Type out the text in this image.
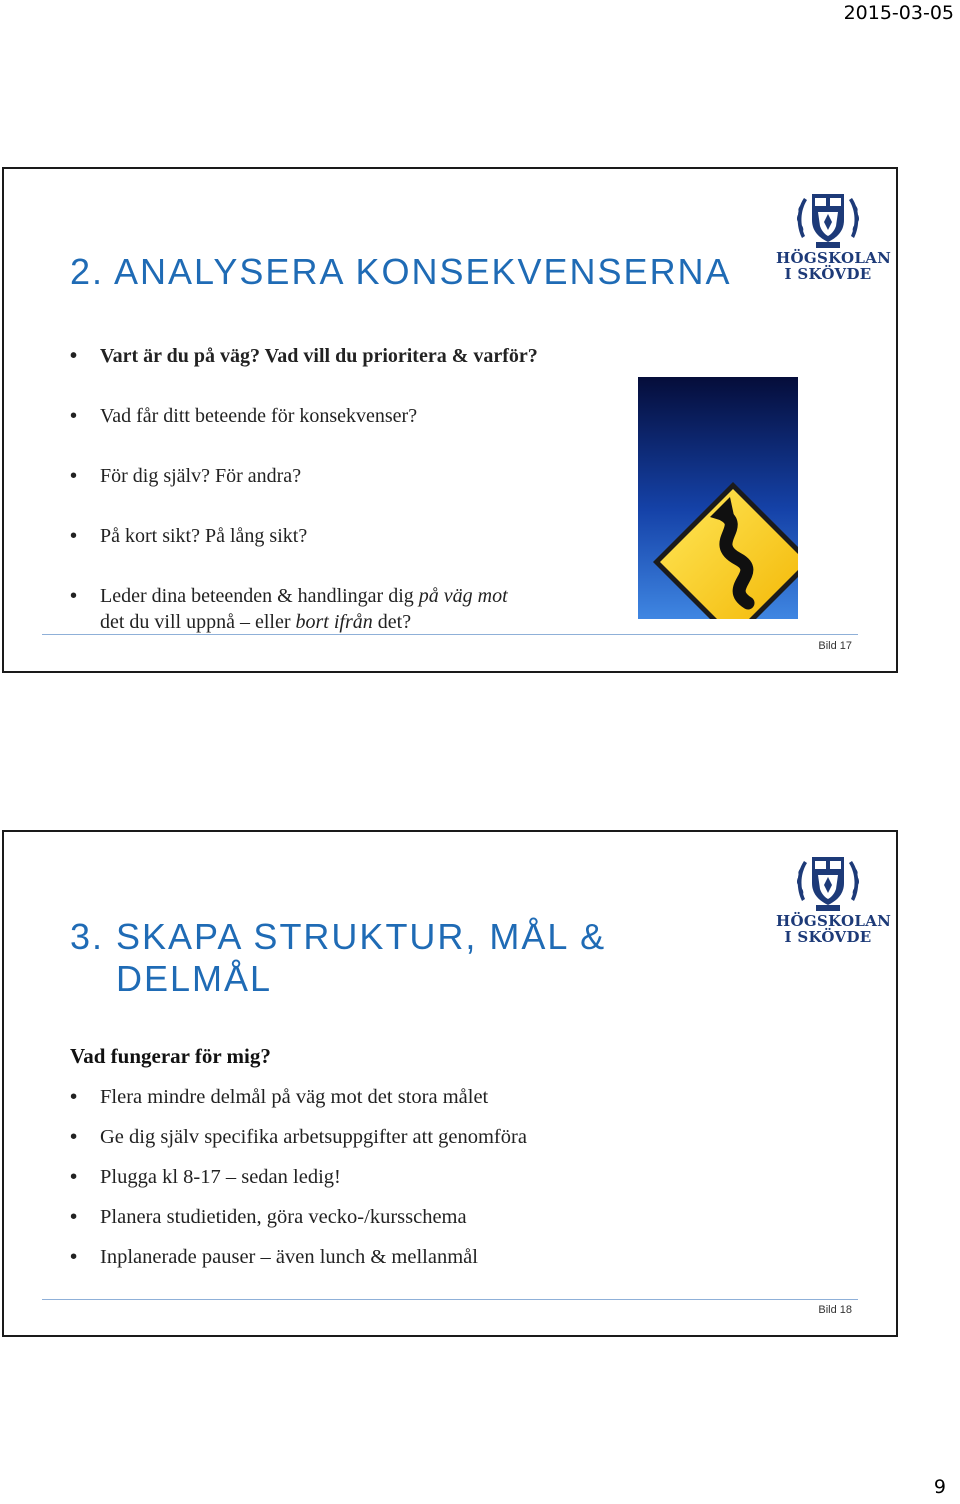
2015-03-05
HÖGSKOLAN
I SKÖVDE
2. ANALYSERA KONSEKVENSERNA
• Vart är du på väg? Vad vill du prioritera & varför?
• Vad får ditt beteende för konsekvenser?
• För dig själv? För andra?
• På kort sikt? På lång sikt?
• Leder dina beteenden & handlingar dig på väg mot
det du vill uppnå – eller bort ifrån det?
Bild 17
HÖGSKOLAN
I SKÖVDE
3. SKAPA STRUKTUR, MÅL &
DELMÅL
Vad fungerar för mig?
• Flera mindre delmål på väg mot det stora målet
• Ge dig själv specifika arbetsuppgifter att genomföra
• Plugga kl 8-17 – sedan ledig!
• Planera studietiden, göra vecko-/kursschema
• Inplanerade pauser – även lunch & mellanmål
Bild 18
9
